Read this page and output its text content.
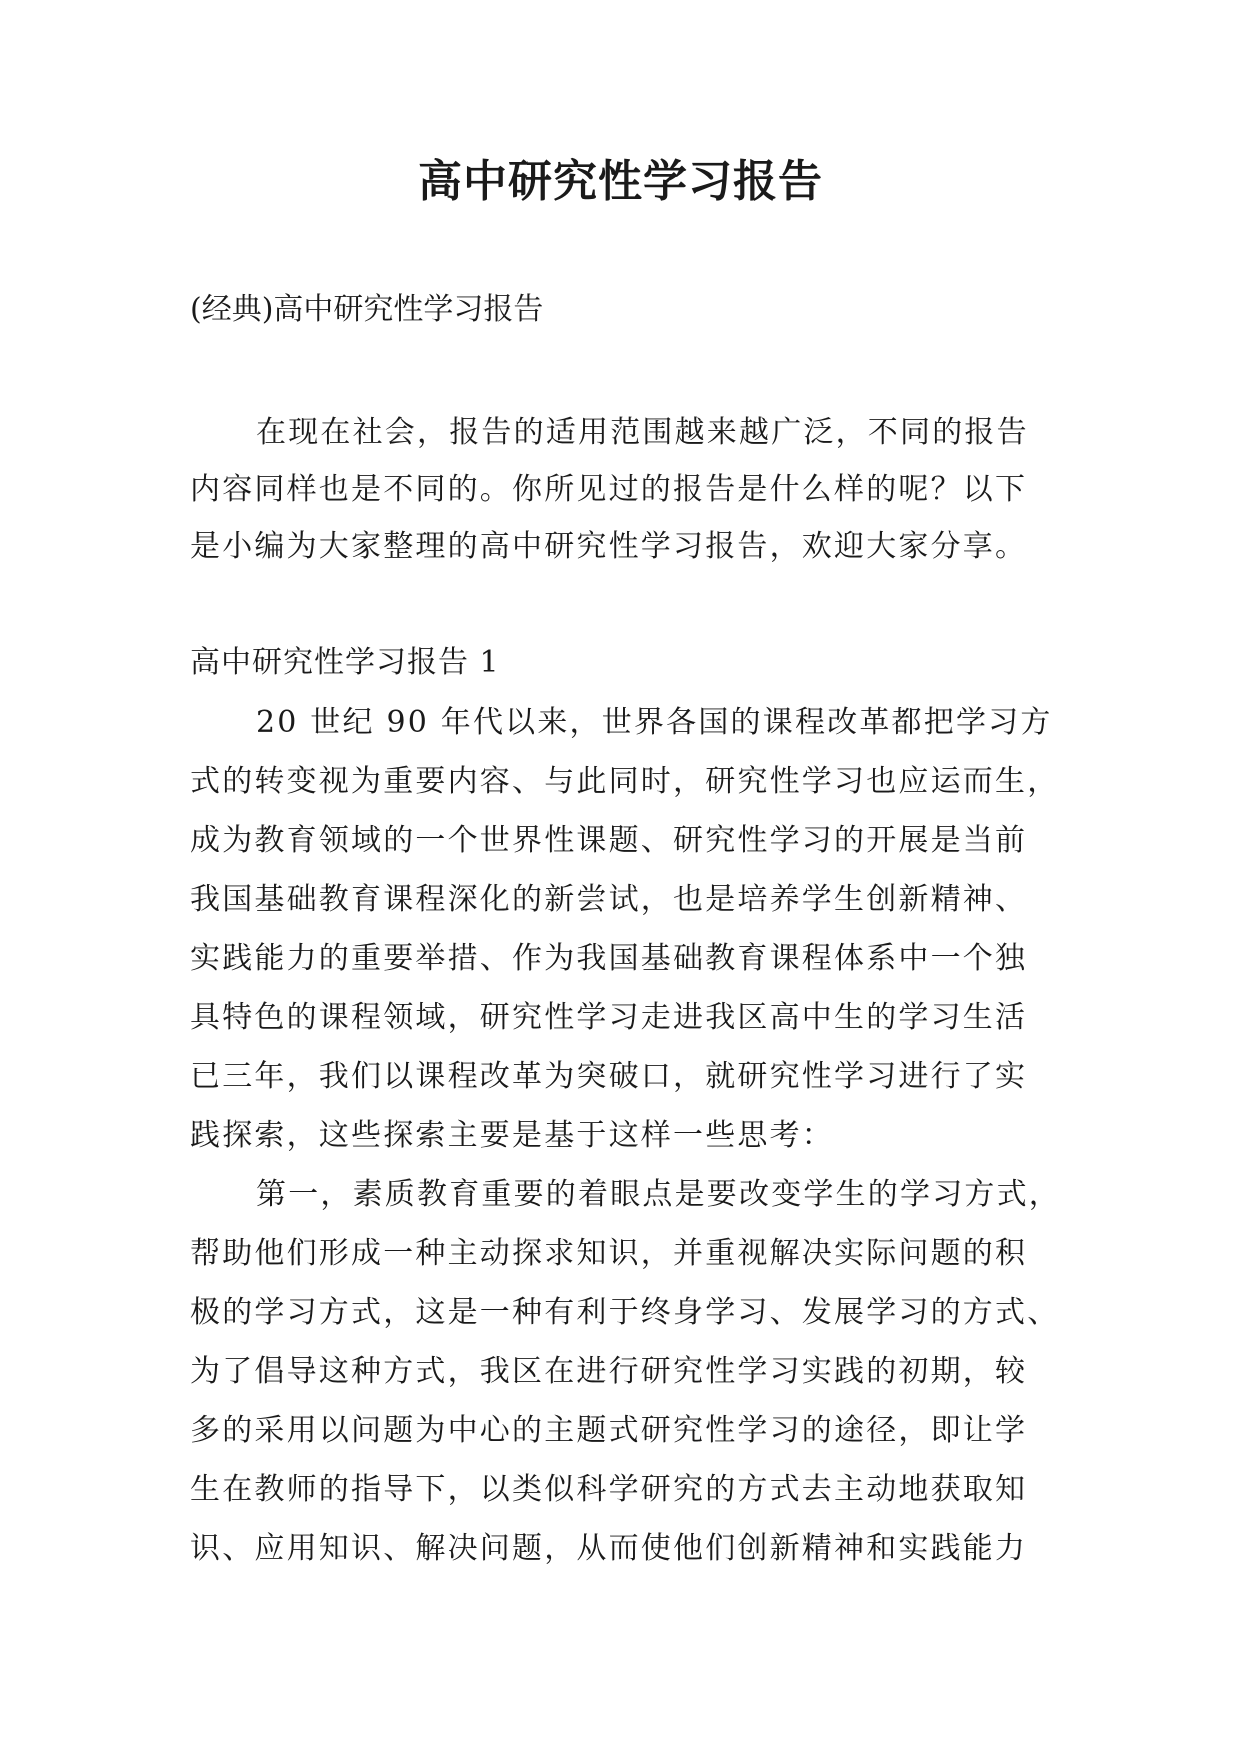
高中研究性学习报告
(经典)高中研究性学习报告
在现在社会，报告的适用范围越来越广泛，不同的报告
内容同样也是不同的。你所见过的报告是什么样的呢？以下
是小编为大家整理的高中研究性学习报告，欢迎大家分享。
高中研究性学习报告 1
20 世纪 90 年代以来，世界各国的课程改革都把学习方
式的转变视为重要内容、与此同时，研究性学习也应运而生，
成为教育领域的一个世界性课题、研究性学习的开展是当前
我国基础教育课程深化的新尝试，也是培养学生创新精神、
实践能力的重要举措、作为我国基础教育课程体系中一个独
具特色的课程领域，研究性学习走进我区高中生的学习生活
已三年，我们以课程改革为突破口，就研究性学习进行了实
践探索，这些探索主要是基于这样一些思考：
第一，素质教育重要的着眼点是要改变学生的学习方式，
帮助他们形成一种主动探求知识，并重视解决实际问题的积
极的学习方式，这是一种有利于终身学习、发展学习的方式、
为了倡导这种方式，我区在进行研究性学习实践的初期，较
多的采用以问题为中心的主题式研究性学习的途径，即让学
生在教师的指导下，以类似科学研究的方式去主动地获取知
识、应用知识、解决问题，从而使他们创新精神和实践能力
